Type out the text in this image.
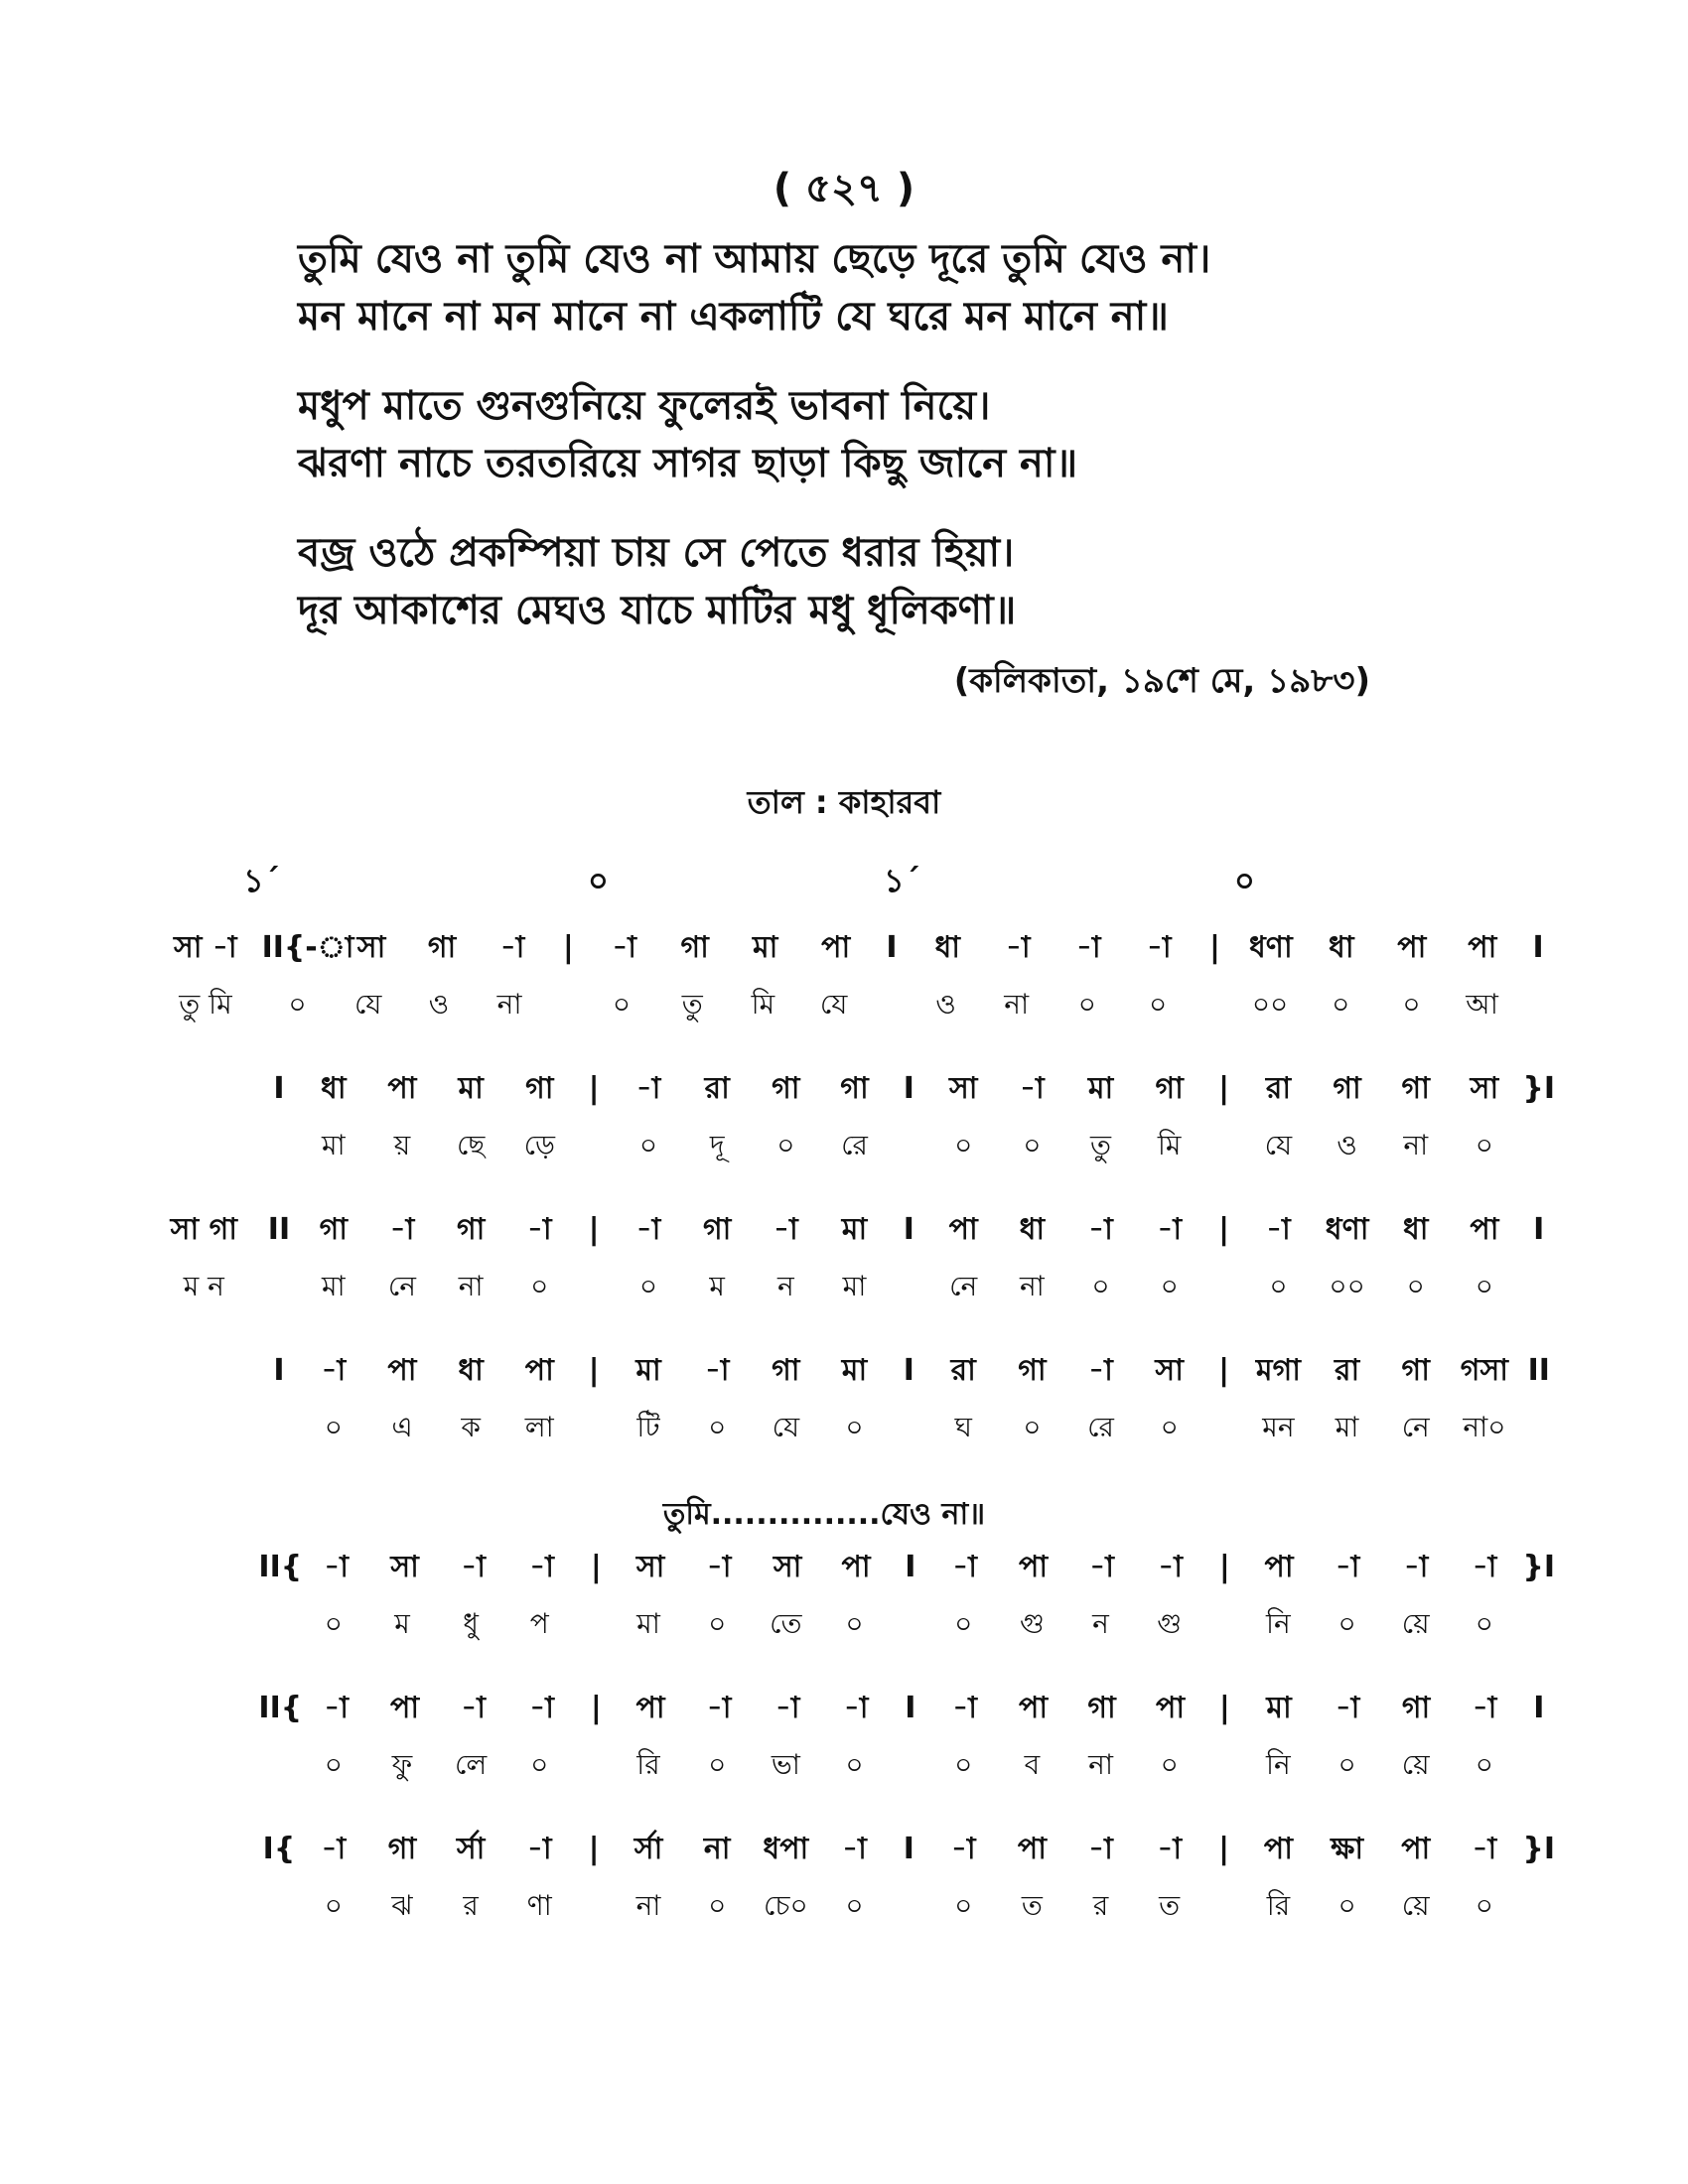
( ৫২৭ )
তুমি যেও না তুমি যেও না আমায় ছেড়ে দূরে তুমি যেও না।
মন মানে না মন মানে না একলাটি যে ঘরে মন মানে না॥
মধুপ মাতে গুনগুনিয়ে ফুলেরই ভাবনা নিয়ে।
ঝরণা নাচে তরতরিয়ে সাগর ছাড়া কিছু জানে না॥
বজ্র ওঠে প্রকম্পিয়া চায় সে পেতে ধরার হিয়া।
দূর আকাশের মেঘও যাচে মাটির মধু ধূলিকণা॥
(কলিকাতা, ১৯শে মে, ১৯৮৩)
তাল : কাহারবা
১´	০	১´	০
সা -া II{-া সা	গা	-া	|	-া	গা	মা	পা	I	ধা	-া	-া	-া	| ধণা	ধা	পা	পা	I
তু মি	০	যে	ও	না	০	তু	মি	যে	ও	না	০	০	০০	০	০	আ
I	ধা	পা	মা	গা	|	-া	রা	গা	গা	I	সা	-া	মা	গা	|	রা	গা	গা	সা }I
মা	য়	ছে	ড়ে	০	দূ	০	রে	০	০	তু	মি	যে	ও	না	০
সা গা	II গা	-া	গা	-া	|	-া	গা	-া	মা	I	পা	ধা	-া	-া	|	-া	ধণা	ধা	পা	I
ম ন	মা	নে	না	০	০	ম	ন	মা	নে	না	০	০	০	০০	০	০
I	-া	পা	ধা	পা	|	মা	-া	গা	মা	I	রা	গা	-া	সা	| মগা	রা	গা	গসা II
০	এ	ক	লা	টি	০	যে	০	ঘ	০	রে	০	মন	মা	নে	না০
তুমি...............যেও না॥
II{ -া	সা	-া	-া	|	সা	-া	সা	পা	I	-া	পা	-া	-া	|	পা	-া	-া	-া }I
০	ম	ধু	প	মা	০	তে	০	০	গু	ন	গু	নি	০	য়ে	০
II{ -া	পা	-া	-া	|	পা	-া	-া	-া	I	-া	পা	গা	পা	|	মা	-া	গা	-া	I
০	ফু	লে	০	রি	০	ভা	০	০	ব	না	০	নি	০	য়ে	০
I{ -া	গা	র্সা	-া	|	র্সা	না	ধপা	-া	I	-া	পা	-া	-া	|	পা	ক্ষা	পা	-া }I
০	ঝ	র	ণা	না	০	চে০	০	০	ত	র	ত	রি	০	য়ে	০
